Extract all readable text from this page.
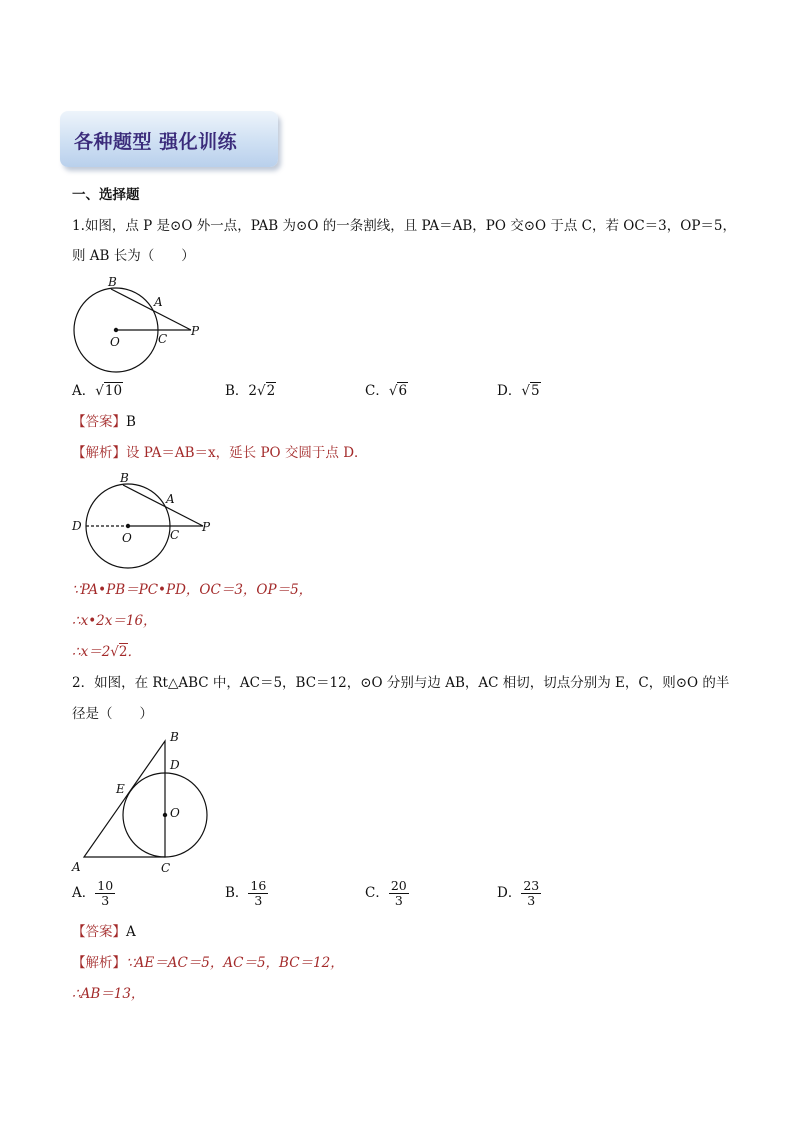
各种题型 强化训练
一、选择题
1.如图，点 P 是⊙O 外一点，PAB 为⊙O 的一条割线，且 PA＝AB，PO 交⊙O 于点 C，若 OC＝3，OP＝5，
则 AB 长为（　　）
B
A
P
O	C
A．√10	B．2√2	C．√6	D．√5
【答案】B
【解析】设 PA＝AB＝x，延长 PO 交圆于点 D．
B
A
P
D
O	C
∵PA•PB＝PC•PD，OC＝3，OP＝5，
∴x•2x＝16，
∴x＝2√2．
2．如图，在 Rt△ABC 中，AC＝5，BC＝12，⊙O 分别与边 AB，AC 相切，切点分别为 E，C，则⊙O 的半
径是（　　）
B
D
E
O
A	C
A． $\frac{10}{3}$	B． $\frac{16}{3}$	C． $\frac{20}{3}$	D． $\frac{23}{3}$
【答案】A
【解析】∵AE＝AC＝5，AC＝5，BC＝12，
∴AB＝13，
